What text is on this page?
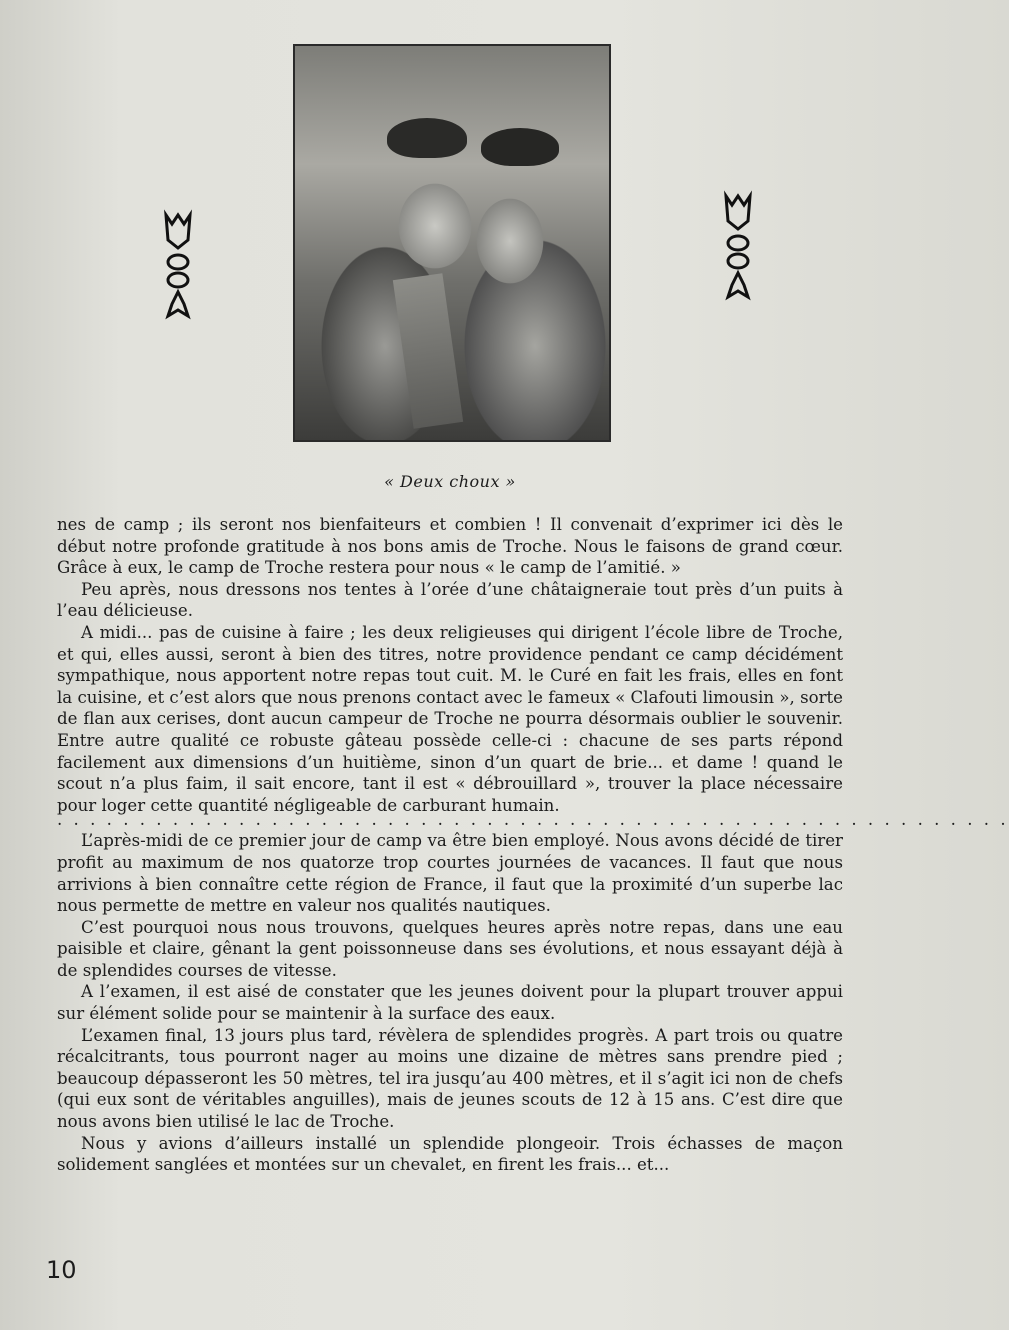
« Deux choux »

nes de camp ; ils seront nos bienfaiteurs et combien ! Il convenait d’exprimer ici dès le début notre profonde gratitude à nos bons amis de Troche. Nous le faisons de grand cœur. Grâce à eux, le camp de Troche restera pour nous « le camp de l’amitié. »

Peu après, nous dressons nos tentes à l’orée d’une châtaigneraie tout près d’un puits à l’eau délicieuse.

A midi... pas de cuisine à faire ; les deux religieuses qui dirigent l’école libre de Troche, et qui, elles aussi, seront à bien des titres, notre providence pendant ce camp décidément sympathique, nous apportent notre repas tout cuit. M. le Curé en fait les frais, elles en font la cuisine, et c’est alors que nous prenons contact avec le fameux « Clafouti limousin », sorte de flan aux cerises, dont aucun campeur de Troche ne pourra désormais oublier le souvenir. Entre autre qualité ce robuste gâteau possède celle-ci : chacune de ses parts répond facilement aux dimensions d’un huitième, sinon d’un quart de brie... et dame ! quand le scout n’a plus faim, il sait encore, tant il est « débrouillard », trouver la place nécessaire pour loger cette quantité négligeable de carburant humain.

. . . . . . . . . . . . . . . . . . . . . . . . . . . . . . . . . . . . . . . . . . . . . . . . . . . . . . . . . .

L’après-midi de ce premier jour de camp va être bien employé. Nous avons décidé de tirer profit au maximum de nos quatorze trop courtes journées de vacances. Il faut que nous arrivions à bien connaître cette région de France, il faut que la proximité d’un superbe lac nous permette de mettre en valeur nos qualités nautiques.

C’est pourquoi nous nous trouvons, quelques heures après notre repas, dans une eau paisible et claire, gênant la gent poissonneuse dans ses évolutions, et nous essayant déjà à de splendides courses de vitesse.

A l’examen, il est aisé de constater que les jeunes doivent pour la plupart trouver appui sur élément solide pour se maintenir à la surface des eaux.

L’examen final, 13 jours plus tard, révèlera de splendides progrès. A part trois ou quatre récalcitrants, tous pourront nager au moins une dizaine de mètres sans prendre pied ; beaucoup dépasseront les 50 mètres, tel ira jusqu’au 400 mètres, et il s’agit ici non de chefs (qui eux sont de véritables anguilles), mais de jeunes scouts de 12 à 15 ans. C’est dire que nous avons bien utilisé le lac de Troche.

Nous y avions d’ailleurs installé un splendide plongeoir. Trois échasses de maçon solidement sanglées et montées sur un chevalet, en firent les frais... et...

10
